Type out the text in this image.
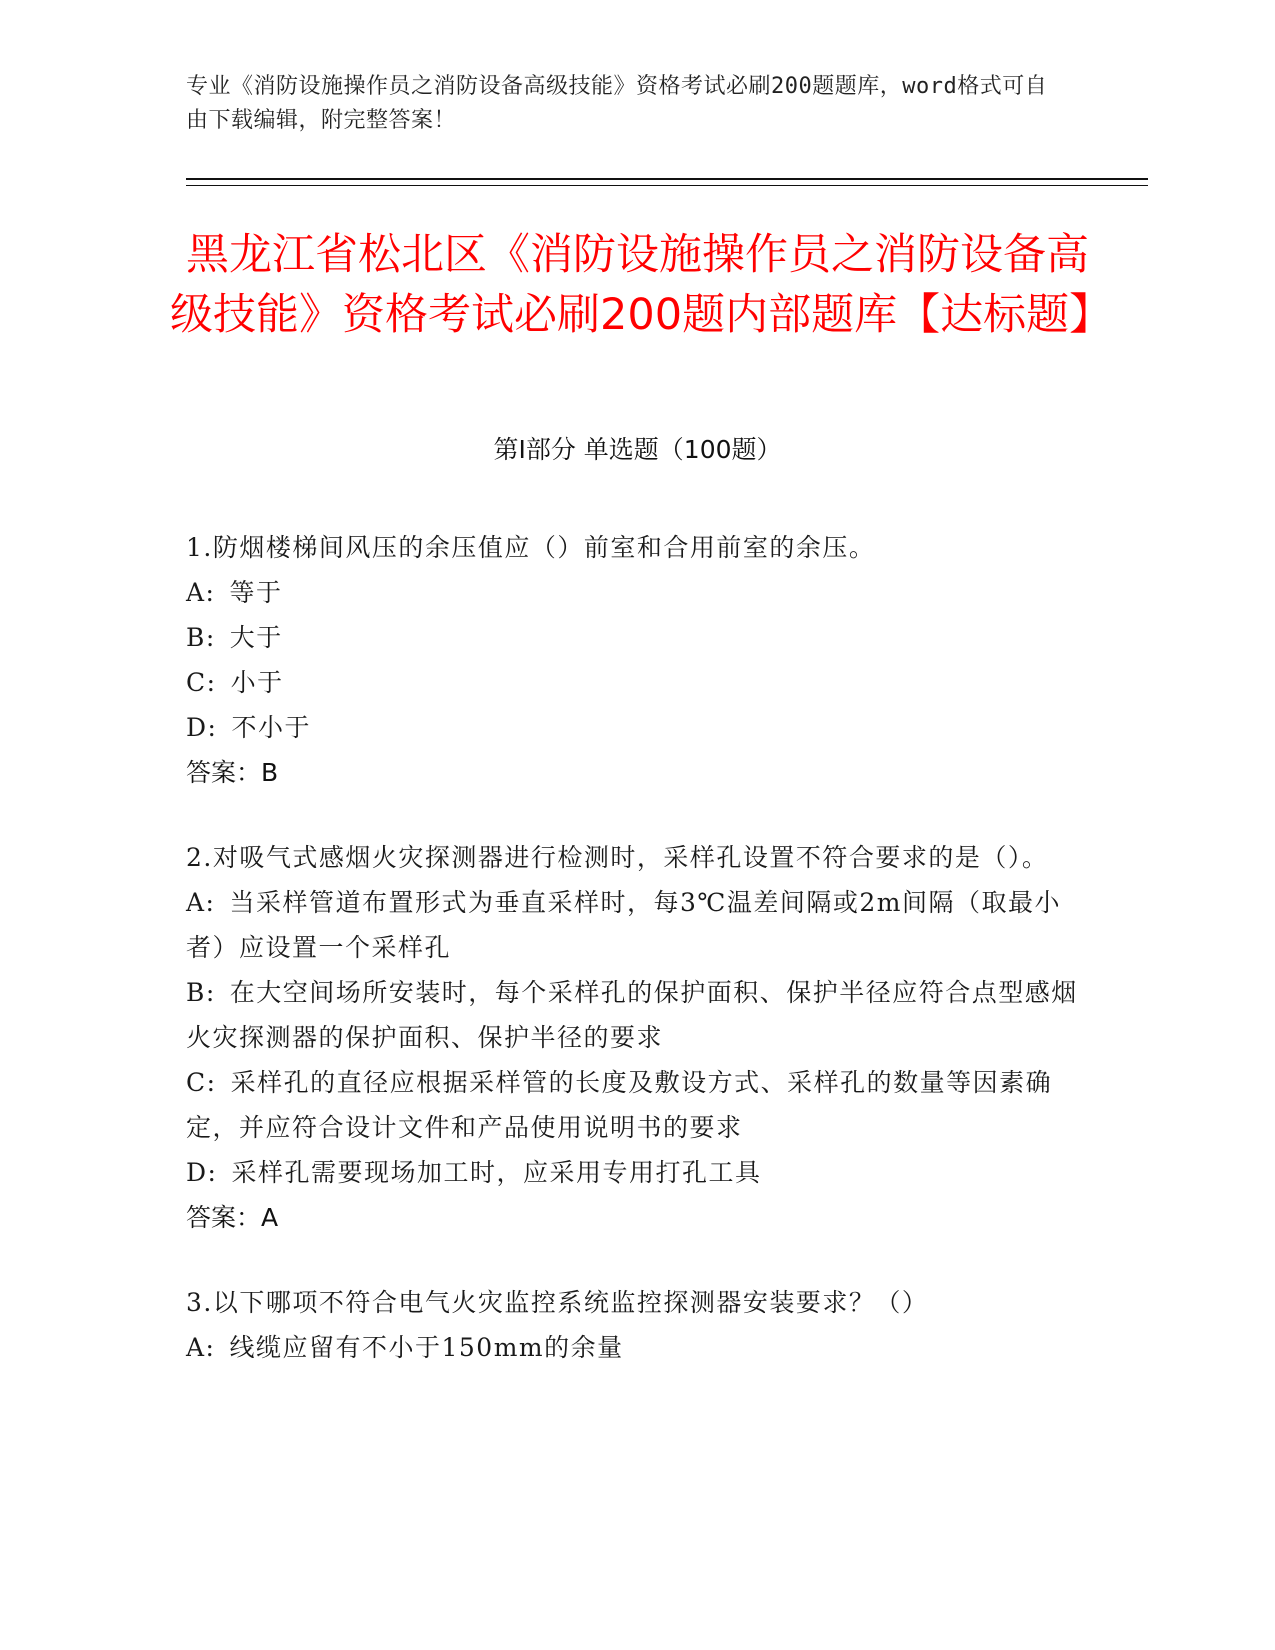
专业《消防设施操作员之消防设备高级技能》资格考试必刷200题题库，word格式可自由下载编辑，附完整答案！
黑龙江省松北区《消防设施操作员之消防设备高级技能》资格考试必刷200题内部题库【达标题】
第Ⅰ部分 单选题（100题）

1.防烟楼梯间风压的余压值应（）前室和合用前室的余压。

A: 等于

B: 大于

C: 小于

D: 不小于

答案：B

2.对吸气式感烟火灾探测器进行检测时，采样孔设置不符合要求的是（）。

A: 当采样管道布置形式为垂直采样时，每3℃温差间隔或2m间隔（取最小者）应设置一个采样孔

B: 在大空间场所安装时，每个采样孔的保护面积、保护半径应符合点型感烟火灾探测器的保护面积、保护半径的要求

C: 采样孔的直径应根据采样管的长度及敷设方式、采样孔的数量等因素确定，并应符合设计文件和产品使用说明书的要求

D: 采样孔需要现场加工时，应采用专用打孔工具

答案：A

3.以下哪项不符合电气火灾监控系统监控探测器安装要求？（）

A: 线缆应留有不小于150mm的余量
